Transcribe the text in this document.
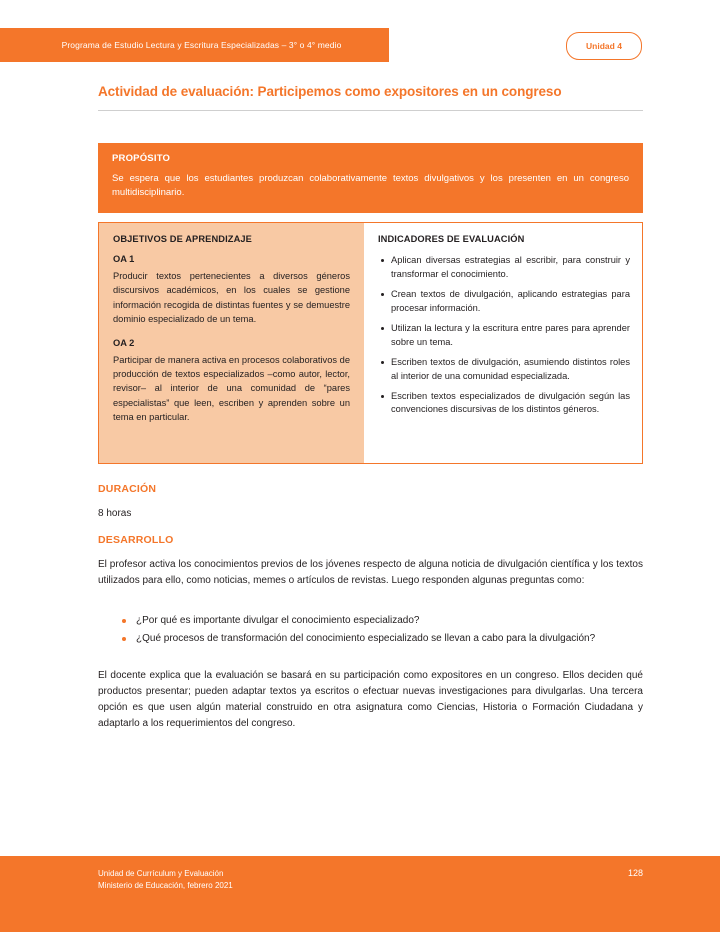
Programa de Estudio Lectura y Escritura Especializadas – 3° o 4° medio	Unidad 4
Actividad de evaluación: Participemos como expositores en un congreso
PROPÓSITO

Se espera que los estudiantes produzcan colaborativamente textos divulgativos y los presenten en un congreso multidisciplinario.

OBJETIVOS DE APRENDIZAJE
OA 1
Producir textos pertenecientes a diversos géneros discursivos académicos, en los cuales se gestione información recogida de distintas fuentes y se demuestre dominio especializado de un tema.
OA 2
Participar de manera activa en procesos colaborativos de producción de textos especializados –como autor, lector, revisor– al interior de una comunidad de “pares especialistas” que leen, escriben y aprenden sobre un tema en particular.
INDICADORES DE EVALUACIÓN
Aplican diversas estrategias al escribir, para construir y transformar el conocimiento.
Crean textos de divulgación, aplicando estrategias para procesar información.
Utilizan la lectura y la escritura entre pares para aprender sobre un tema.
Escriben textos de divulgación, asumiendo distintos roles al interior de una comunidad especializada.
Escriben textos especializados de divulgación según las convenciones discursivas de los distintos géneros.
DURACIÓN
8 horas
DESARROLLO
El profesor activa los conocimientos previos de los jóvenes respecto de alguna noticia de divulgación científica y los textos utilizados para ello, como noticias, memes o artículos de revistas. Luego responden algunas preguntas como:
¿Por qué es importante divulgar el conocimiento especializado?
¿Qué procesos de transformación del conocimiento especializado se llevan a cabo para la divulgación?
El docente explica que la evaluación se basará en su participación como expositores en un congreso. Ellos deciden qué productos presentar; pueden adaptar textos ya escritos o efectuar nuevas investigaciones para divulgarlas. Una tercera opción es que usen algún material construido en otra asignatura como Ciencias, Historia o Formación Ciudadana y adaptarlo a los requerimientos del congreso.
Unidad de Currículum y Evaluación
Ministerio de Educación, febrero 2021
128
